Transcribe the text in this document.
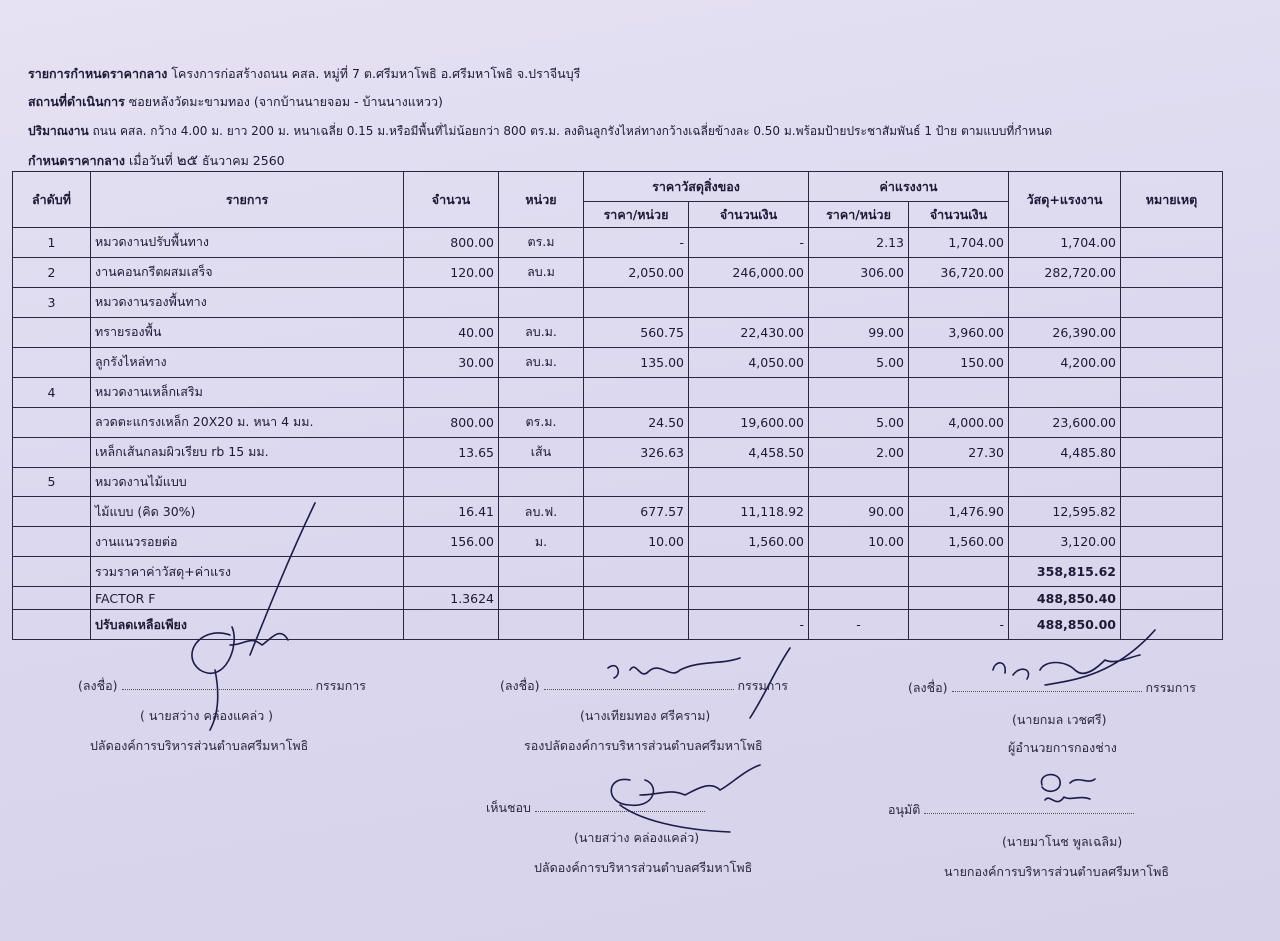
รายการกำหนดราคากลาง โครงการก่อสร้างถนน คสล. หมู่ที่ 7 ต.ศรีมหาโพธิ อ.ศรีมหาโพธิ จ.ปราจีนบุรี
สถานที่ดำเนินการ ซอยหลังวัดมะขามทอง (จากบ้านนายจอม - บ้านนางแหวว)
ปริมาณงาน ถนน คสล. กว้าง 4.00 ม. ยาว 200 ม. หนาเฉลี่ย 0.15 ม.หรือมีพื้นที่ไม่น้อยกว่า 800 ตร.ม. ลงดินลูกรังไหล่ทางกว้างเฉลี่ยข้างละ 0.50 ม.พร้อมป้ายประชาสัมพันธ์ 1 ป้าย ตามแบบที่กำหนด
กำหนดราคากลาง เมื่อวันที่ ๒๕ ธันวาคม 2560
ลำดับที่	รายการ	จำนวน	หน่วย	ราคาวัสดุสิ่งของ		ค่าแรงงาน		วัสดุ+แรงงาน	หมายเหตุ
				ราคา/หน่วย	จำนวนเงิน	ราคา/หน่วย	จำนวนเงิน		
1	หมวดงานปรับพื้นทาง	800.00	ตร.ม	-	-	2.13	1,704.00	1,704.00	
2	งานคอนกรีตผสมเสร็จ	120.00	ลบ.ม	2,050.00	246,000.00	306.00	36,720.00	282,720.00	
3	หมวดงานรองพื้นทาง								
	ทรายรองพื้น	40.00	ลบ.ม.	560.75	22,430.00	99.00	3,960.00	26,390.00	
	ลูกรังไหล่ทาง	30.00	ลบ.ม.	135.00	4,050.00	5.00	150.00	4,200.00	
4	หมวดงานเหล็กเสริม								
	ลวดตะแกรงเหล็ก 20X20 ม. หนา 4 มม.	800.00	ตร.ม.	24.50	19,600.00	5.00	4,000.00	23,600.00	
	เหล็กเส้นกลมผิวเรียบ rb 15 มม.	13.65	เส้น	326.63	4,458.50	2.00	27.30	4,485.80	
5	หมวดงานไม้แบบ								
	ไม้แบบ (คิด 30%)	16.41	ลบ.ฟ.	677.57	11,118.92	90.00	1,476.90	12,595.82	
	งานแนวรอยต่อ	156.00	ม.	10.00	1,560.00	10.00	1,560.00	3,120.00	
	รวมราคาค่าวัสดุ+ค่าแรง							358,815.62	
	FACTOR F	1.3624						488,850.40	
	ปรับลดเหลือเพียง				-	-	-	488,850.00	
(ลงชื่อ)	กรรมการ
( นายสว่าง คล่องแคล่ว )
ปลัดองค์การบริหารส่วนตำบลศรีมหาโพธิ
(ลงชื่อ)	กรรมการ
(นางเทียมทอง ศรีคราม)
รองปลัดองค์การบริหารส่วนตำบลศรีมหาโพธิ
(ลงชื่อ)	กรรมการ
(นายกมล เวชศรี)
ผู้อำนวยการกองช่าง
เห็นชอบ
(นายสว่าง คล่องแคล่ว)
ปลัดองค์การบริหารส่วนตำบลศรีมหาโพธิ
อนุมัติ
(นายมาโนช พูลเฉลิม)
นายกองค์การบริหารส่วนตำบลศรีมหาโพธิ
